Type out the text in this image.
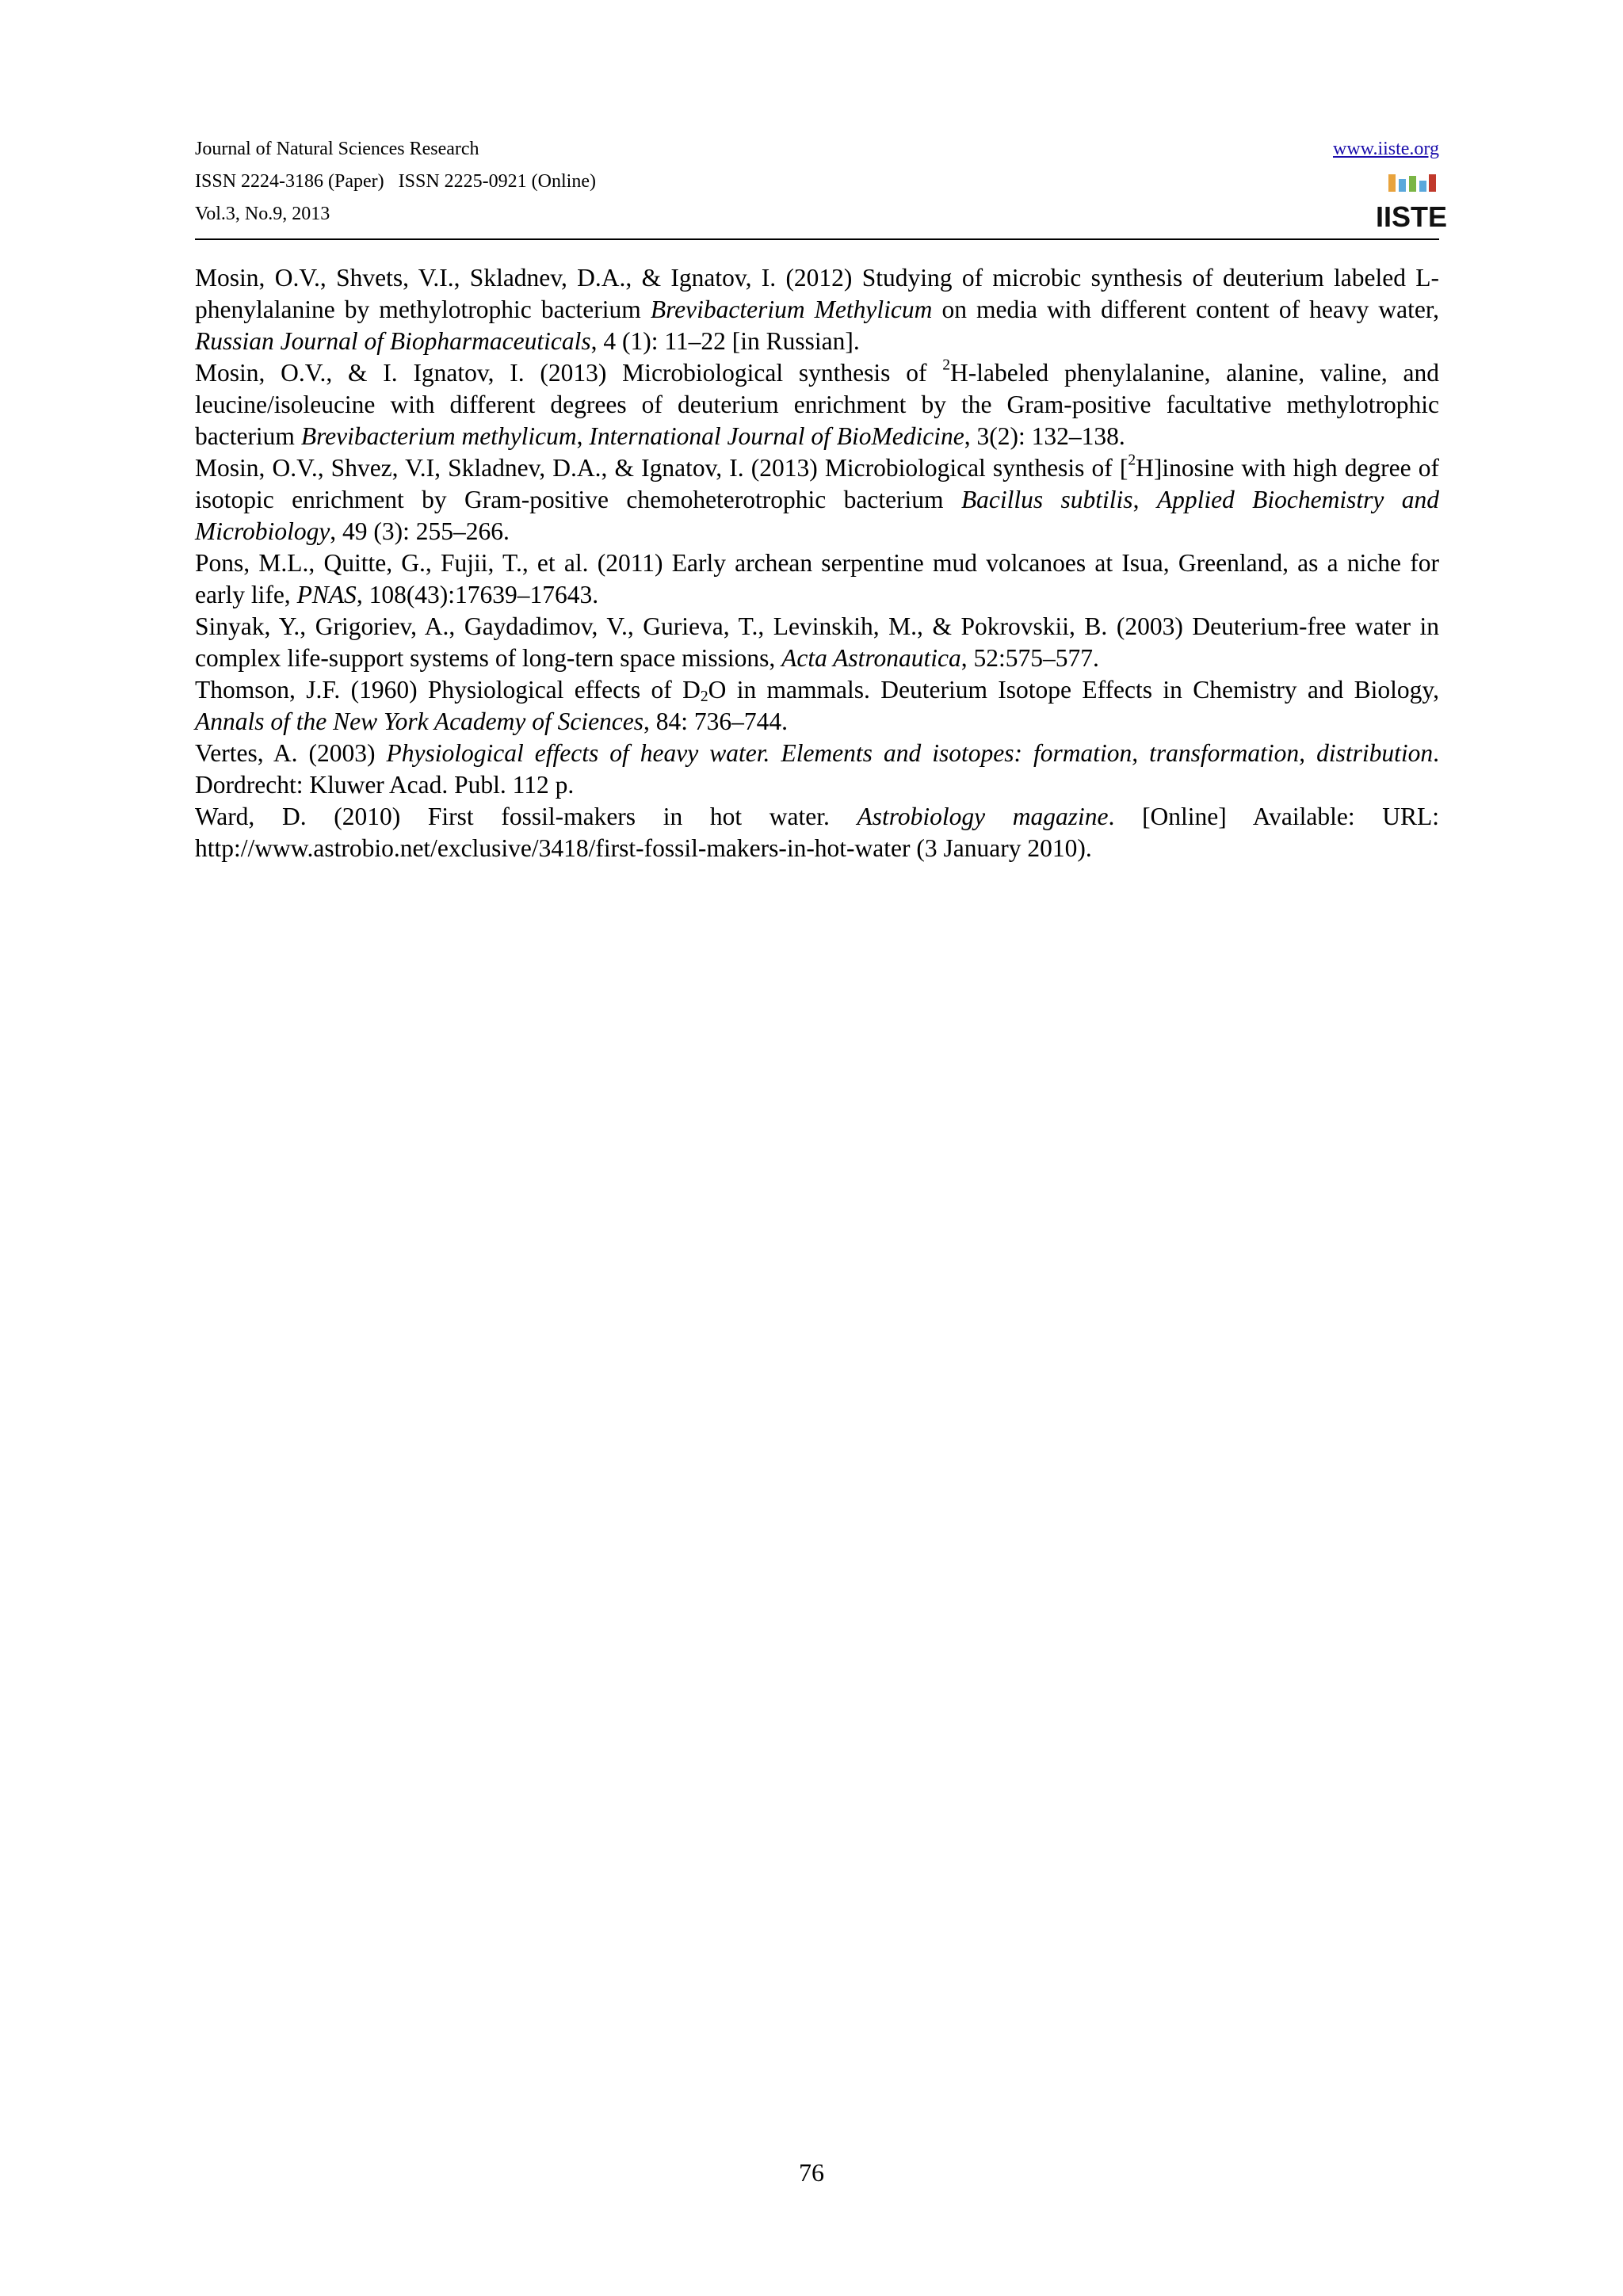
Journal of Natural Sciences Research
ISSN 2224-3186 (Paper)   ISSN 2225-0921 (Online)
Vol.3, No.9, 2013
www.iiste.org
IISTE

Mosin, O.V., Shvets, V.I., Skladnev, D.A., & Ignatov, I. (2012) Studying of microbic synthesis of deuterium labeled L-phenylalanine by methylotrophic bacterium Brevibacterium Methylicum on media with different content of heavy water, Russian Journal of Biopharmaceuticals, 4 (1): 11–22 [in Russian].

Mosin, O.V., & I. Ignatov, I. (2013) Microbiological synthesis of $^2$H-labeled phenylalanine, alanine, valine, and leucine/isoleucine with different degrees of deuterium enrichment by the Gram-positive facultative methylotrophic bacterium Brevibacterium methylicum, International Journal of BioMedicine, 3(2): 132–138.

Mosin, O.V., Shvez, V.I, Skladnev, D.A., & Ignatov, I. (2013) Microbiological synthesis of [$^2$H]inosine with high degree of isotopic enrichment by Gram-positive chemoheterotrophic bacterium Bacillus subtilis, Applied Biochemistry and Microbiology, 49 (3): 255–266.

Pons, M.L., Quitte, G., Fujii, T., et al. (2011) Early archean serpentine mud volcanoes at Isua, Greenland, as a niche for early life, PNAS, 108(43):17639–17643.

Sinyak, Y., Grigoriev, A., Gaydadimov, V., Gurieva, T., Levinskih, M., & Pokrovskii, B. (2003) Deuterium-free water in complex life-support systems of long-tern space missions, Acta Astronautica, 52:575–577.

Thomson, J.F. (1960) Physiological effects of $D_2O$ in mammals. Deuterium Isotope Effects in Chemistry and Biology, Annals of the New York Academy of Sciences, 84: 736–744.

Vertes, A. (2003) Physiological effects of heavy water. Elements and isotopes: formation, transformation, distribution. Dordrecht: Kluwer Acad. Publ. 112 p.

Ward, D. (2010) First fossil-makers in hot water. Astrobiology magazine. [Online] Available: URL: http://www.astrobio.net/exclusive/3418/first-fossil-makers-in-hot-water (3 January 2010).

76
